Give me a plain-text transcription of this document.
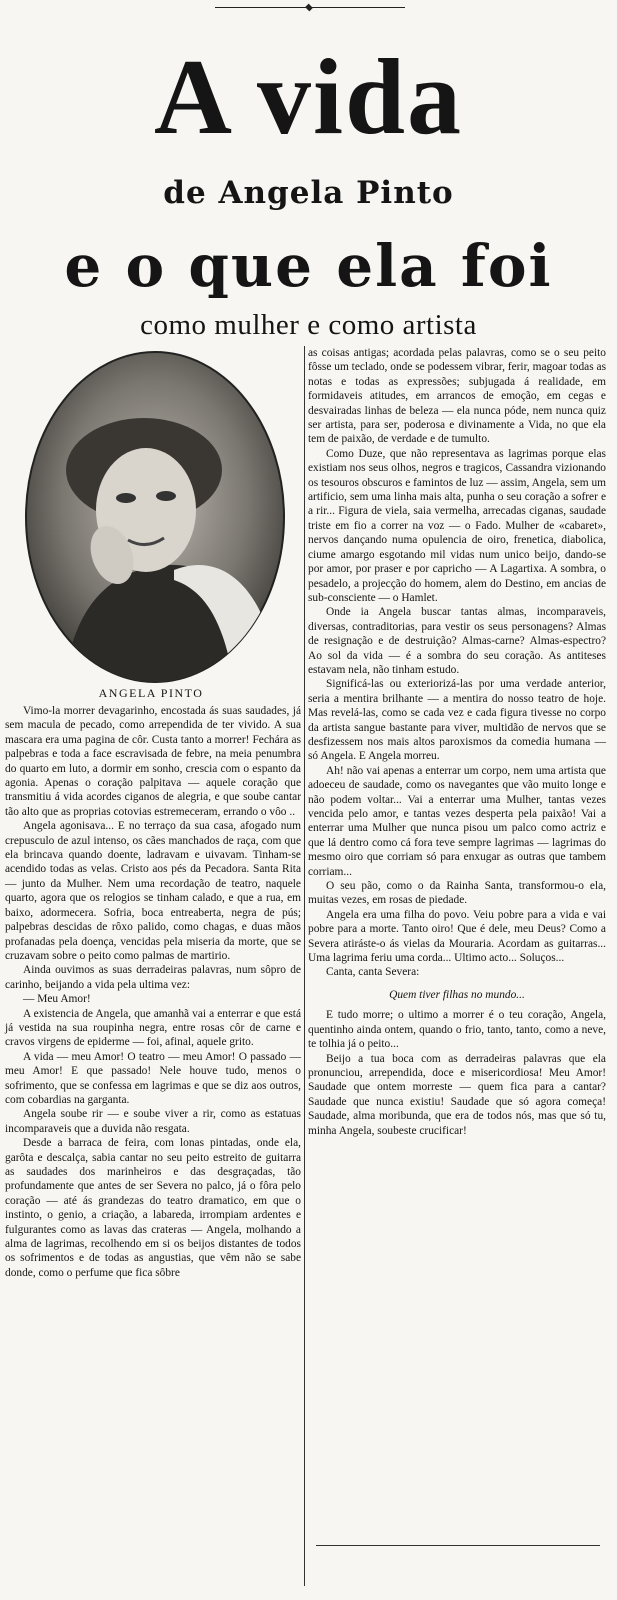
A vida
de Angela Pinto
e o que ela foi
como mulher e como artista
ANGELA PINTO

Vimo-la morrer devagarinho, encostada ás suas saudades, já sem macula de pecado, como arrependida de ter vivido. A sua mascara era uma pagina de côr. Custa tanto a morrer! Fechára as palpebras e toda a face escravisada de febre, na meia penumbra do quarto em luto, a dormir em sonho, crescia com o espanto da agonia. Apenas o coração palpitava — aquele coração que transmitiu á vida acordes ciganos de alegria, e que soube cantar tão alto que as proprias cotovias estremeceram, errando o vôo ..

Angela agonisava... E no terraço da sua casa, afogado num crepusculo de azul intenso, os cães manchados de raça, com que ela brincava quando doente, ladravam e uivavam. Tinham-se acendido todas as velas. Cristo aos pés da Pecadora. Santa Rita — junto da Mulher. Nem uma recordação de teatro, naquele quarto, agora que os relogios se tinham calado, e que a rua, em baixo, adormecera. Sofria, boca entreaberta, negra de pús; palpebras descidas de rôxo palido, como chagas, e duas mãos profanadas pela doença, vencidas pela miseria da morte, que se cruzavam sobre o peito como palmas de martirio.

Ainda ouvimos as suas derradeiras palavras, num sôpro de carinho, beijando a vida pela ultima vez:

— Meu Amor!

A existencia de Angela, que amanhã vai a enterrar e que está já vestida na sua roupinha negra, entre rosas côr de carne e cravos virgens de epiderme — foi, afinal, aquele grito.

A vida — meu Amor! O teatro — meu Amor! O passado — meu Amor! E que passado! Nele houve tudo, menos o sofrimento, que se confessa em lagrimas e que se diz aos outros, com cobardias na garganta.

Angela soube rir — e soube viver a rir, como as estatuas incomparaveis que a duvida não resgata.

Desde a barraca de feira, com lonas pintadas, onde ela, garôta e descalça, sabia cantar no seu peito estreito de guitarra as saudades dos marinheiros e das desgraçadas, tão profundamente que antes de ser Severa no palco, já o fôra pelo coração — até ás grandezas do teatro dramatico, em que o instinto, o genio, a criação, a labareda, irrompiam ardentes e fulgurantes como as lavas das crateras — Angela, molhando a alma de lagrimas, recolhendo em si os beijos distantes de todos os sofrimentos e de todas as angustias, que vêm não se sabe donde, como o perfume que fica sôbre

as coisas antigas; acordada pelas palavras, como se o seu peito fôsse um teclado, onde se podessem vibrar, ferir, magoar todas as notas e todas as expressões; subjugada á realidade, em formidaveis atitudes, em arrancos de emoção, em cegas e desvairadas linhas de beleza — ela nunca póde, nem nunca quiz ser artista, para ser, poderosa e divinamente a Vida, no que ela tem de paixão, de verdade e de tumulto.

Como Duze, que não representava as lagrimas porque elas existiam nos seus olhos, negros e tragicos, Cassandra vizionando os tesouros obscuros e famintos de luz — assim, Angela, sem um artificio, sem uma linha mais alta, punha o seu coração a sofrer e a rir... Figura de viela, saia vermelha, arrecadas ciganas, saudade triste em fio a correr na voz — o Fado. Mulher de «cabaret», nervos dançando numa opulencia de oiro, frenetica, diabolica, ciume amargo esgotando mil vidas num unico beijo, dando-se por amor, por praser e por capricho — A Lagartixa. A sombra, o pesadelo, a projecção do homem, alem do Destino, em ancias de sub-consciente — o Hamlet.

Onde ia Angela buscar tantas almas, incomparaveis, diversas, contraditorias, para vestir os seus personagens? Almas de resignação e de destruição? Almas-carne? Almas-espectro? Ao sol da vida — é a sombra do seu coração. As antiteses estavam nela, não tinham estudo.

Significá-las ou exteriorizá-las por uma verdade anterior, seria a mentira brilhante — a mentira do nosso teatro de hoje. Mas revelá-las, como se cada vez e cada figura tivesse no corpo da artista sangue bastante para viver, multidão de nervos que se desfizessem nos mais altos paroxismos da comedia humana — só Angela. E Angela morreu.

Ah! não vai apenas a enterrar um corpo, nem uma artista que adoeceu de saudade, como os navegantes que vão muito longe e não podem voltar... Vai a enterrar uma Mulher, tantas vezes vencida pelo amor, e tantas vezes desperta pela paixão! Vai a enterrar uma Mulher que nunca pisou um palco como actriz e que lá dentro como cá fora teve sempre lagrimas — lagrimas do mesmo oiro que corriam só para enxugar as outras que tambem corriam...

O seu pão, como o da Rainha Santa, transformou-o ela, muitas vezes, em rosas de piedade.

Angela era uma filha do povo. Veiu pobre para a vida e vai pobre para a morte. Tanto oiro! Que é dele, meu Deus? Como a Severa atiráste-o ás vielas da Mouraria. Acordam as guitarras... Uma lagrima feriu uma corda... Ultimo acto... Soluços...

Canta, canta Severa:

Quem tiver filhas no mundo...

E tudo morre; o ultimo a morrer é o teu coração, Angela, quentinho ainda ontem, quando o frio, tanto, tanto, como a neve, te tolhia já o peito...

Beijo a tua boca com as derradeiras palavras que ela pronunciou, arrependida, doce e misericordiosa! Meu Amor! Saudade que ontem morreste — quem fica para a cantar? Saudade que nunca existiu! Saudade que só agora começa! Saudade, alma moribunda, que era de todos nós, mas que só tu, minha Angela, soubeste crucificar!
